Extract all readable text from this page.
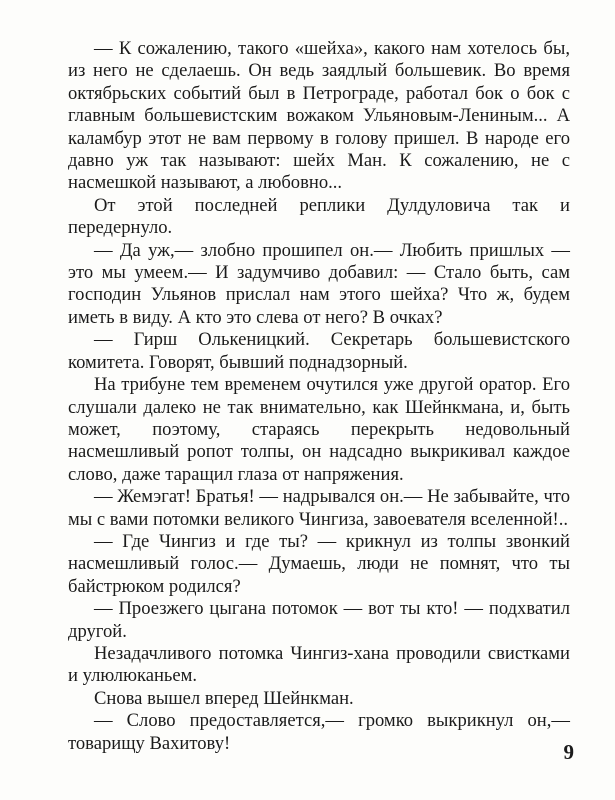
— К сожалению, такого «шейха», какого нам хотелось бы, из него не сделаешь. Он ведь заядлый большевик. Во время октябрьских событий был в Петрограде, работал бок о бок с главным большевистским вожаком Ульяновым-Лениным... А каламбур этот не вам первому в голову пришел. В народе его давно уж так называют: шейх Ман. К сожалению, не с насмешкой называют, а любовно...

От этой последней реплики Дулдуловича так и передернуло.

— Да уж,— злобно прошипел он.— Любить пришлых — это мы умеем.— И задумчиво добавил: — Стало быть, сам господин Ульянов прислал нам этого шейха? Что ж, будем иметь в виду. А кто это слева от него? В очках?

— Гирш Олькеницкий. Секретарь большевистского комитета. Говорят, бывший поднадзорный.

На трибуне тем временем очутился уже другой оратор. Его слушали далеко не так внимательно, как Шейнкмана, и, быть может, поэтому, стараясь перекрыть недовольный насмешливый ропот толпы, он надсадно выкрикивал каждое слово, даже таращил глаза от напряжения.

— Жемэгат! Братья! — надрывался он.— Не забывайте, что мы с вами потомки великого Чингиза, завоевателя вселенной!..

— Где Чингиз и где ты? — крикнул из толпы звонкий насмешливый голос.— Думаешь, люди не помнят, что ты байстрюком родился?

— Проезжего цыгана потомок — вот ты кто! — подхватил другой.

Незадачливого потомка Чингиз-хана проводили свистками и улюлюканьем.

Снова вышел вперед Шейнкман.

— Слово предоставляется,— громко выкрикнул он,— товарищу Вахитову!	9
